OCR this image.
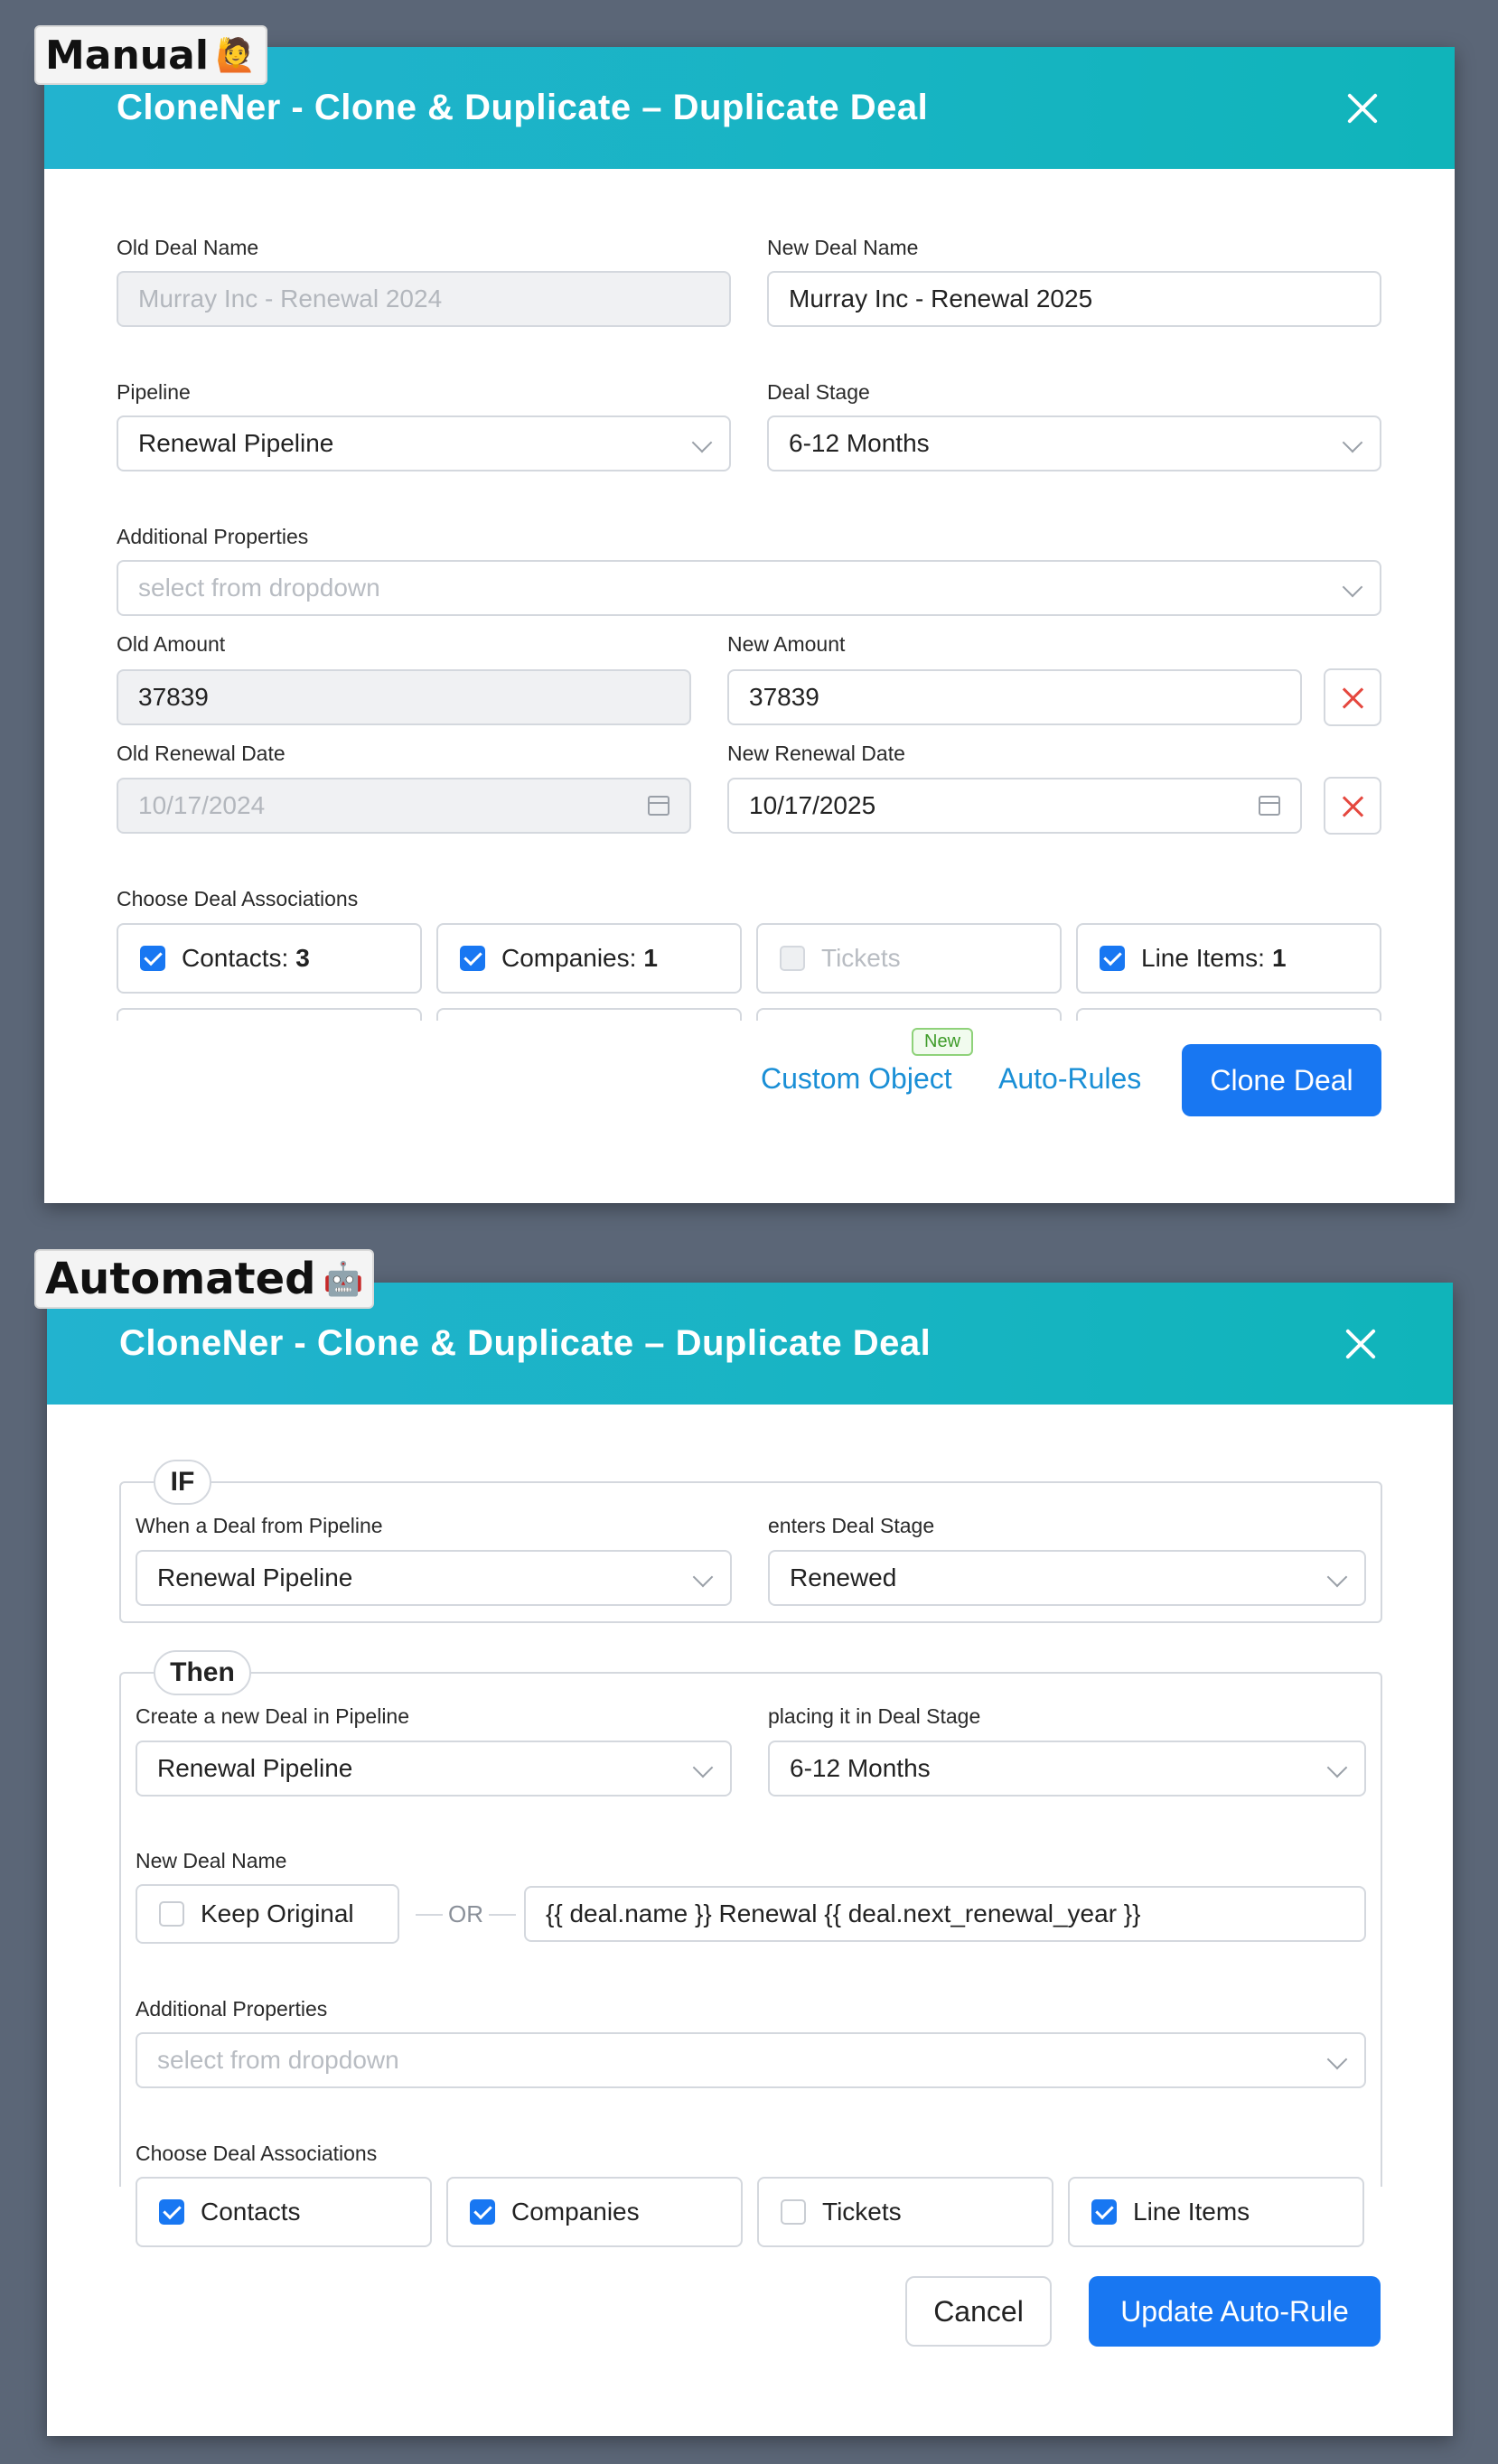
Manual 🙋
CloneNer - Clone & Duplicate – Duplicate Deal
Old Deal Name
Murray Inc - Renewal 2024
New Deal Name
Murray Inc - Renewal 2025
Pipeline
Renewal Pipeline
Deal Stage
6-12 Months
Additional Properties
select from dropdown
Old Amount
37839
New Amount
37839
Old Renewal Date
10/17/2024
New Renewal Date
10/17/2025
Choose Deal Associations
Contacts: 3	Companies: 1	Tickets	Line Items: 1
New
Custom Object Auto-Rules	Clone Deal
Automated 🤖
CloneNer - Clone & Duplicate – Duplicate Deal
IF
When a Deal from Pipeline
Renewal Pipeline
enters Deal Stage
Renewed
Then
Create a new Deal in Pipeline
Renewal Pipeline
placing it in Deal Stage
6-12 Months
New Deal Name
Keep Original	OR {{ deal.name }} Renewal {{ deal.next_renewal_year }}
Additional Properties
select from dropdown
Choose Deal Associations
Contacts	Companies	Tickets	Line Items
Cancel	Update Auto-Rule
